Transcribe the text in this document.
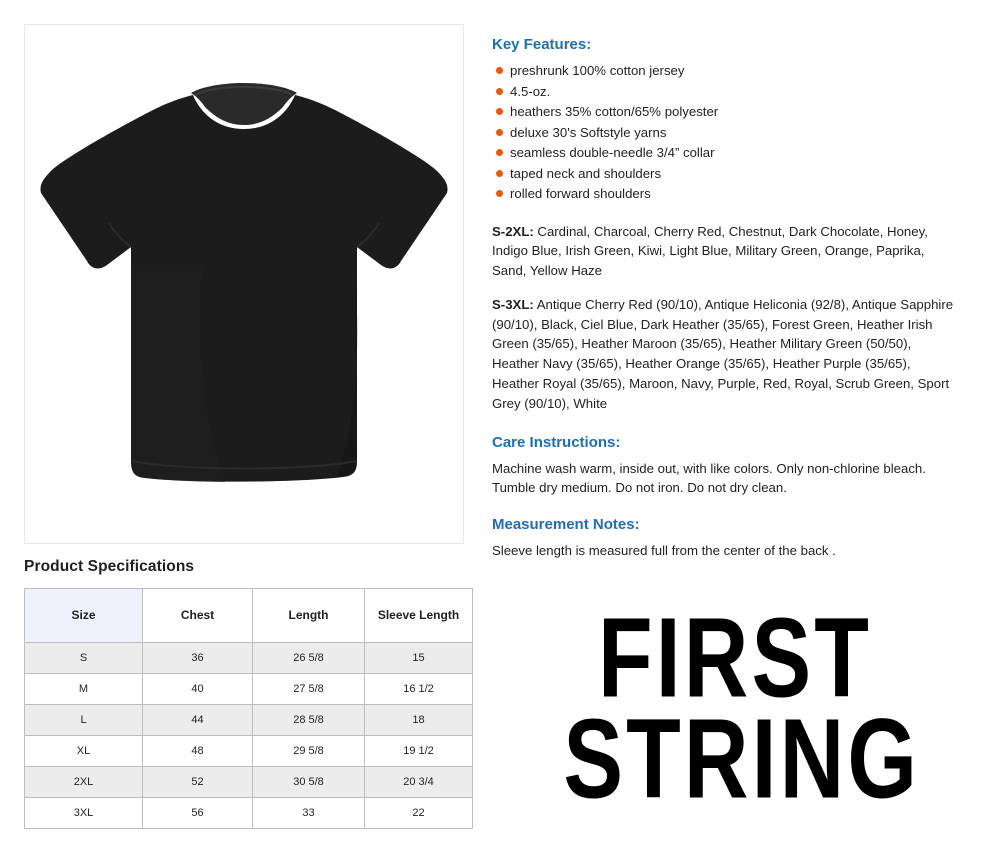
Product Specifications
Size	Chest	Length	Sleeve Length
S	36	26 5/8	15
M	40	27 5/8	16 1/2
L	44	28 5/8	18
XL	48	29 5/8	19 1/2
2XL	52	30 5/8	20 3/4
3XL	56	33	22
Key Features:
preshrunk 100% cotton jersey
4.5-oz.
heathers 35% cotton/65% polyester
deluxe 30's Softstyle yarns
seamless double-needle 3/4” collar
taped neck and shoulders
rolled forward shoulders

S-2XL: Cardinal, Charcoal, Cherry Red, Chestnut, Dark Chocolate, Honey, Indigo Blue, Irish Green, Kiwi, Light Blue, Military Green, Orange, Paprika, Sand, Yellow Haze

S-3XL: Antique Cherry Red (90/10), Antique Heliconia (92/8), Antique Sapphire (90/10), Black, Ciel Blue, Dark Heather (35/65), Forest Green, Heather Irish Green (35/65), Heather Maroon (35/65), Heather Military Green (50/50), Heather Navy (35/65), Heather Orange (35/65), Heather Purple (35/65), Heather Royal (35/65), Maroon, Navy, Purple, Red, Royal, Scrub Green, Sport Grey (90/10), White

Care Instructions:

Machine wash warm, inside out, with like colors. Only non-chlorine bleach. Tumble dry medium. Do not iron. Do not dry clean.

Measurement Notes:

Sleeve length is measured full from the center of the back .

FIRST
STRING
